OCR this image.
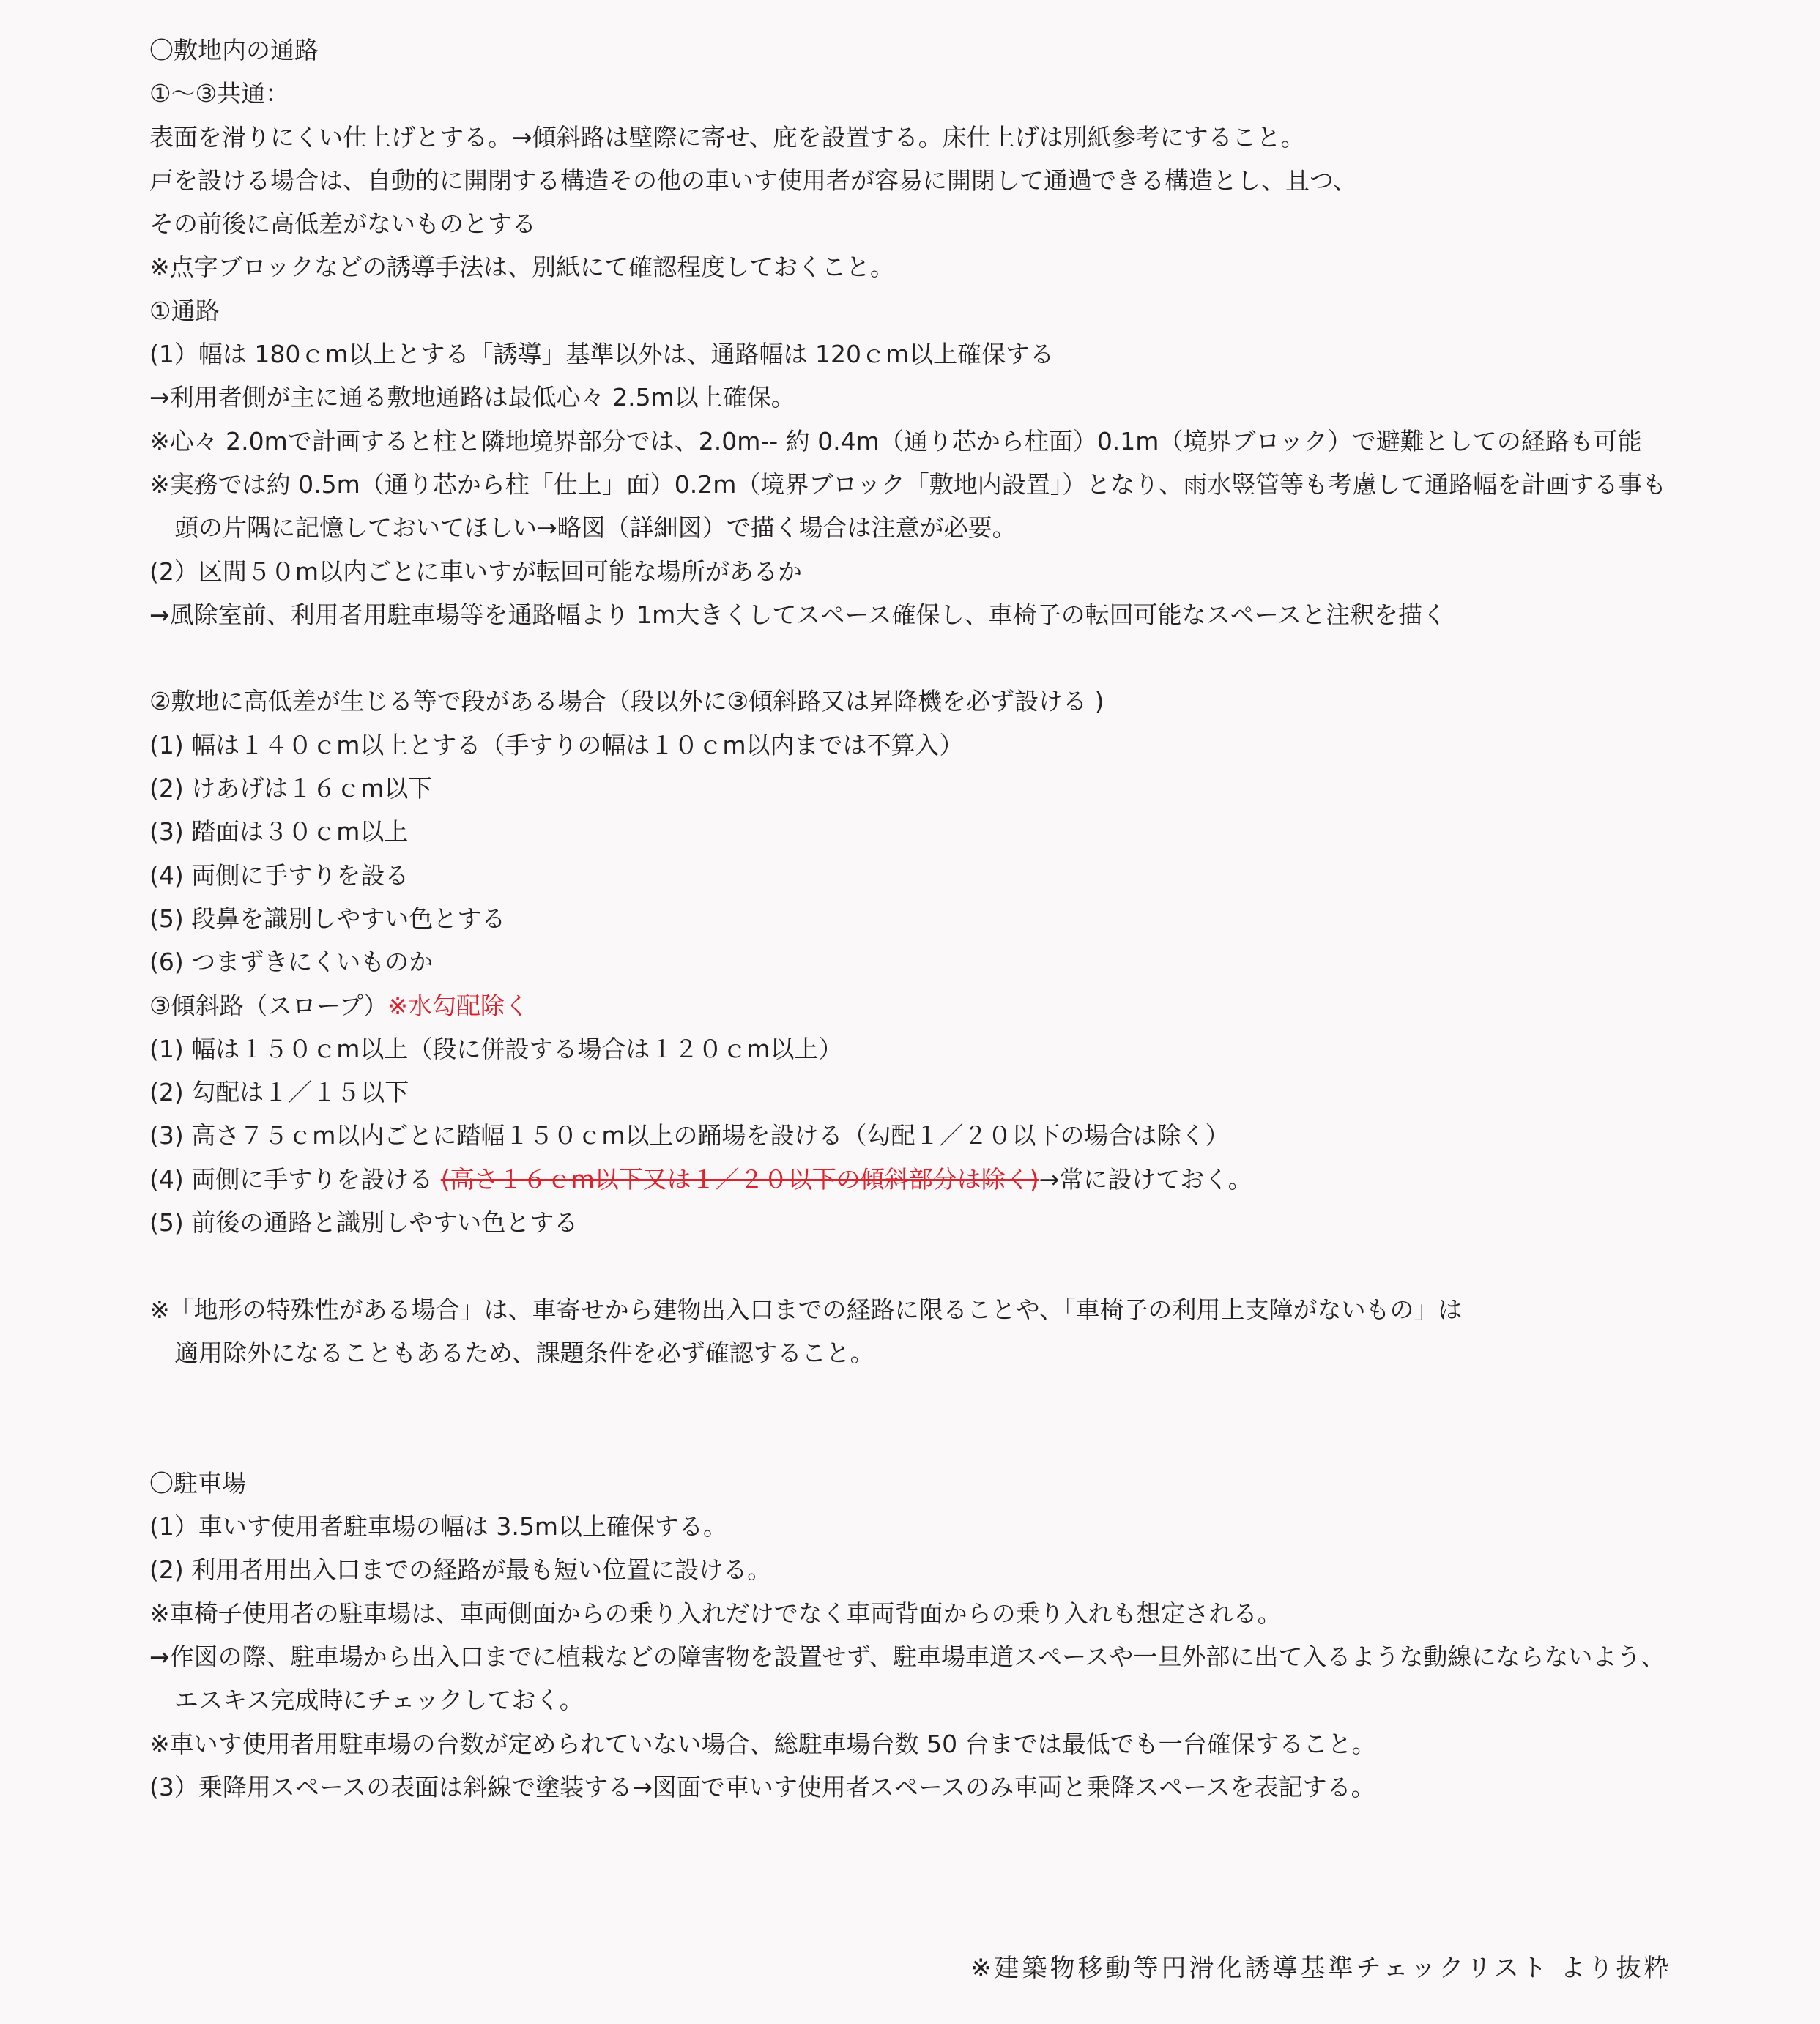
〇敷地内の通路
①〜③共通：
表面を滑りにくい仕上げとする。→傾斜路は壁際に寄せ、庇を設置する。床仕上げは別紙参考にすること。
戸を設ける場合は、自動的に開閉する構造その他の車いす使用者が容易に開閉して通過できる構造とし、且つ、
その前後に高低差がないものとする
※点字ブロックなどの誘導手法は、別紙にて確認程度しておくこと。
①通路
(1）幅は 180ｃm以上とする「誘導」基準以外は、通路幅は 120ｃm以上確保する
→利用者側が主に通る敷地通路は最低心々 2.5m以上確保。
※心々 2.0mで計画すると柱と隣地境界部分では、2.0m-- 約 0.4m（通り芯から柱面）0.1m（境界ブロック）で避難としての経路も可能
※実務では約 0.5m（通り芯から柱「仕上」面）0.2m（境界ブロック「敷地内設置」）となり、雨水竪管等も考慮して通路幅を計画する事も
頭の片隅に記憶しておいてほしい→略図（詳細図）で描く場合は注意が必要。
(2）区間５０m以内ごとに車いすが転回可能な場所があるか
→風除室前、利用者用駐車場等を通路幅より 1m大きくしてスペース確保し、車椅子の転回可能なスペースと注釈を描く
②敷地に高低差が生じる等で段がある場合（段以外に③傾斜路又は昇降機を必ず設ける )
(1) 幅は１４０ｃm以上とする（手すりの幅は１０ｃm以内までは不算入）
(2) けあげは１６ｃm以下
(3) 踏面は３０ｃm以上
(4) 両側に手すりを設る
(5) 段鼻を識別しやすい色とする
(6) つまずきにくいものか
③傾斜路（スロープ）※水勾配除く
(1) 幅は１５０ｃm以上（段に併設する場合は１２０ｃm以上）
(2) 勾配は１／１５以下
(3) 高さ７５ｃm以内ごとに踏幅１５０ｃm以上の踊場を設ける（勾配１／２０以下の場合は除く）
(4) 両側に手すりを設ける (高さ１６ｃm以下又は１／２０以下の傾斜部分は除く)→常に設けておく。
(5) 前後の通路と識別しやすい色とする
※「地形の特殊性がある場合」は、車寄せから建物出入口までの経路に限ることや、「車椅子の利用上支障がないもの」は
適用除外になることもあるため、課題条件を必ず確認すること。
〇駐車場
(1）車いす使用者駐車場の幅は 3.5m以上確保する。
(2) 利用者用出入口までの経路が最も短い位置に設ける。
※車椅子使用者の駐車場は、車両側面からの乗り入れだけでなく車両背面からの乗り入れも想定される。
→作図の際、駐車場から出入口までに植栽などの障害物を設置せず、駐車場車道スペースや一旦外部に出て入るような動線にならないよう、
エスキス完成時にチェックしておく。
※車いす使用者用駐車場の台数が定められていない場合、総駐車場台数 50 台までは最低でも一台確保すること。
(3）乗降用スペースの表面は斜線で塗装する→図面で車いす使用者スペースのみ車両と乗降スペースを表記する。
※建築物移動等円滑化誘導基準チェックリスト より抜粋
